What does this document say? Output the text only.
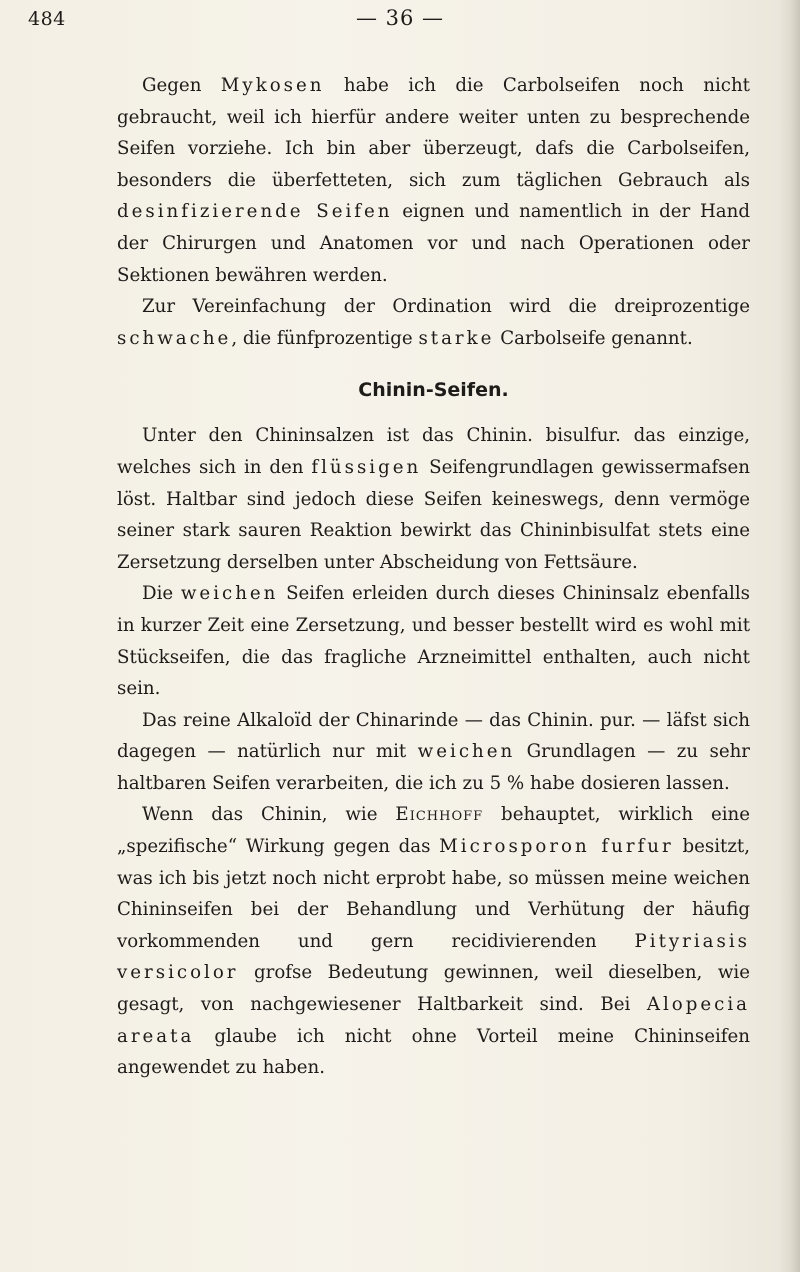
484	— 36 —

Gegen Mykosen habe ich die Carbolseifen noch nicht gebraucht, weil ich hierfür andere weiter unten zu besprechende Seifen vorziehe. Ich bin aber überzeugt, dafs die Carbolseifen, besonders die überfetteten, sich zum täglichen Gebrauch als desinfizierende Seifen eignen und namentlich in der Hand der Chirurgen und Anatomen vor und nach Operationen oder Sektionen bewähren werden.

Zur Vereinfachung der Ordination wird die dreiprozentige schwache, die fünfprozentige starke Carbolseife genannt.

Chinin-Seifen.

Unter den Chininsalzen ist das Chinin. bisulfur. das einzige, welches sich in den flüssigen Seifengrundlagen gewissermafsen löst. Haltbar sind jedoch diese Seifen keineswegs, denn vermöge seiner stark sauren Reaktion bewirkt das Chininbisulfat stets eine Zersetzung derselben unter Abscheidung von Fettsäure.

Die weichen Seifen erleiden durch dieses Chininsalz ebenfalls in kurzer Zeit eine Zersetzung, und besser bestellt wird es wohl mit Stückseifen, die das fragliche Arzneimittel enthalten, auch nicht sein.

Das reine Alkaloïd der Chinarinde — das Chinin. pur. — läfst sich dagegen — natürlich nur mit weichen Grundlagen — zu sehr haltbaren Seifen verarbeiten, die ich zu 5 % habe dosieren lassen.

Wenn das Chinin, wie Eichhoff behauptet, wirklich eine „spezifische“ Wirkung gegen das Microsporon furfur besitzt, was ich bis jetzt noch nicht erprobt habe, so müssen meine weichen Chininseifen bei der Behandlung und Verhütung der häufig vorkommenden und gern recidivierenden Pityriasis versicolor grofse Bedeutung gewinnen, weil dieselben, wie gesagt, von nachgewiesener Haltbarkeit sind. Bei Alopecia areata glaube ich nicht ohne Vorteil meine Chininseifen angewendet zu haben.
